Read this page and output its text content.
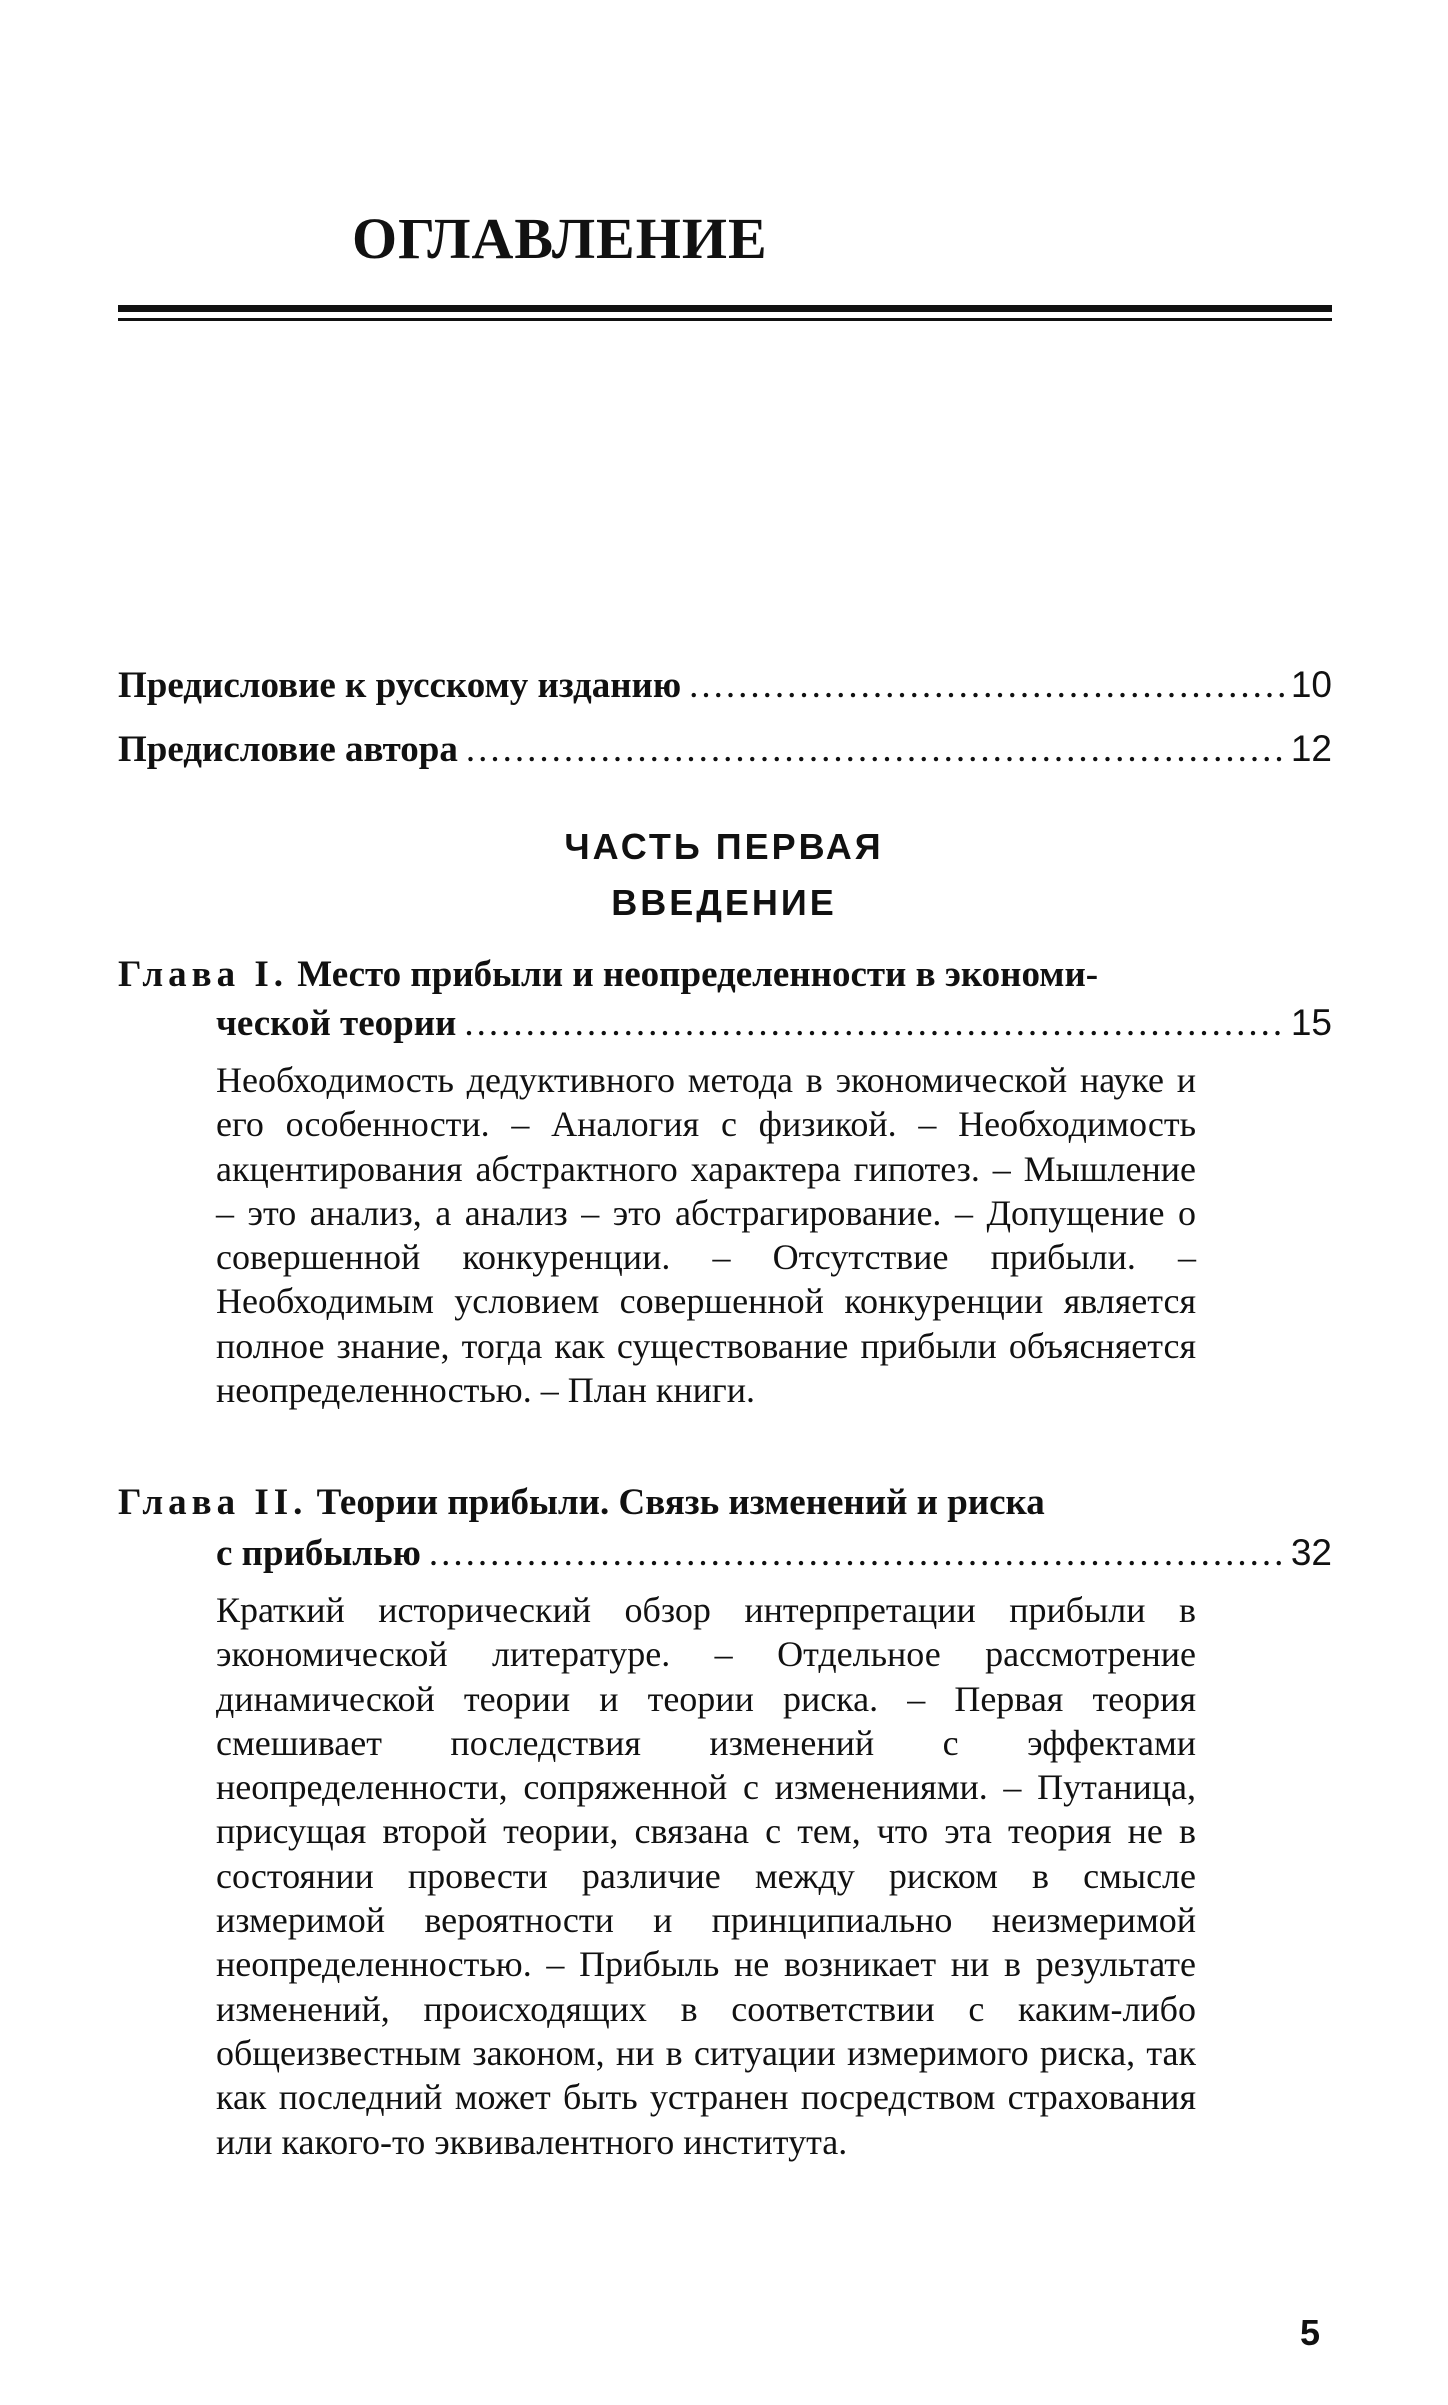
ОГЛАВЛЕНИЕ
Предисловие к русскому изданию .....	10
Предисловие автора .....	12
ЧАСТЬ ПЕРВАЯ
ВВЕДЕНИЕ
Глава I. Место прибыли и неопределенности в экономи-
ческой теории .....	15
Необходимость дедуктивного метода в экономической науке и его особенности. – Аналогия с физикой. – Необходимость акцентирования абстрактного характера гипотез. – Мышление – это анализ, а анализ – это абстрагирование. – Допущение о совершенной конкуренции. – Отсутствие прибыли. – Необходимым условием совершенной конкуренции является полное знание, тогда как существование прибыли объясняется неопределенностью. – План книги.
Глава II. Теории прибыли. Связь изменений и риска
с прибылью .....	32
Краткий исторический обзор интерпретации прибыли в экономической литературе. – Отдельное рассмотрение динамической теории и теории риска. – Первая теория смешивает последствия изменений с эффектами неопределенности, сопряженной с изменениями. – Путаница, присущая второй теории, связана с тем, что эта теория не в состоянии провести различие между риском в смысле измеримой вероятности и принципиально неизмеримой неопределенностью. – Прибыль не возникает ни в результате изменений, происходящих в соответствии с каким-либо общеизвестным законом, ни в ситуации измеримого риска, так как последний может быть устранен посредством страхования или какого-то эквивалентного института.
5
